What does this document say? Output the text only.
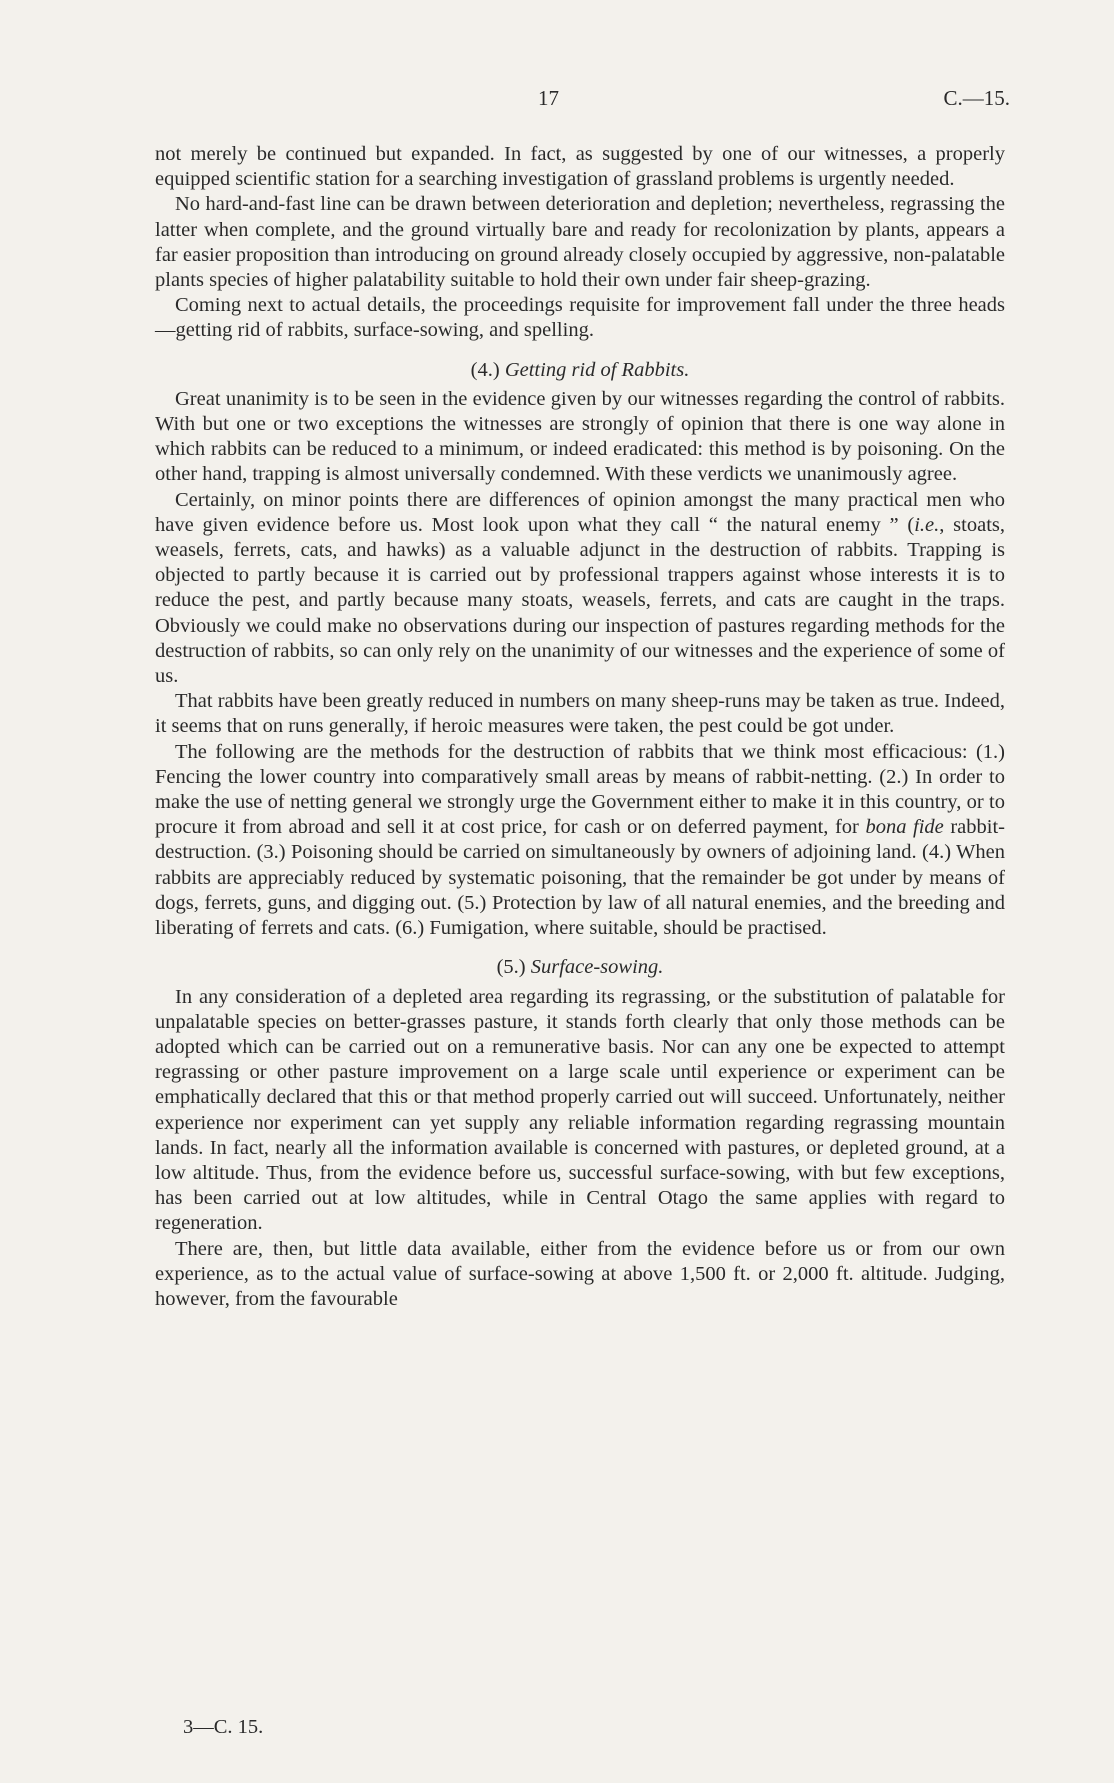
17	C.—15.

not merely be continued but expanded. In fact, as suggested by one of our witnesses, a properly equipped scientific station for a searching investigation of grassland problems is urgently needed.

No hard-and-fast line can be drawn between deterioration and depletion; nevertheless, regrassing the latter when complete, and the ground virtually bare and ready for recolonization by plants, appears a far easier proposition than introducing on ground already closely occupied by aggressive, non-palatable plants species of higher palatability suitable to hold their own under fair sheep-grazing.

Coming next to actual details, the proceedings requisite for improvement fall under the three heads—getting rid of rabbits, surface-sowing, and spelling.

(4.) Getting rid of Rabbits.

Great unanimity is to be seen in the evidence given by our witnesses regarding the control of rabbits. With but one or two exceptions the witnesses are strongly of opinion that there is one way alone in which rabbits can be reduced to a minimum, or indeed eradicated: this method is by poisoning. On the other hand, trapping is almost universally condemned. With these verdicts we unanimously agree.

Certainly, on minor points there are differences of opinion amongst the many practical men who have given evidence before us. Most look upon what they call “ the natural enemy ” (i.e., stoats, weasels, ferrets, cats, and hawks) as a valuable adjunct in the destruction of rabbits. Trapping is objected to partly because it is carried out by professional trappers against whose interests it is to reduce the pest, and partly because many stoats, weasels, ferrets, and cats are caught in the traps. Obviously we could make no observations during our inspection of pastures regarding methods for the destruction of rabbits, so can only rely on the unanimity of our witnesses and the experience of some of us.

That rabbits have been greatly reduced in numbers on many sheep-runs may be taken as true. Indeed, it seems that on runs generally, if heroic measures were taken, the pest could be got under.

The following are the methods for the destruction of rabbits that we think most efficacious: (1.) Fencing the lower country into comparatively small areas by means of rabbit-netting. (2.) In order to make the use of netting general we strongly urge the Government either to make it in this country, or to procure it from abroad and sell it at cost price, for cash or on deferred payment, for bona fide rabbit-destruction. (3.) Poisoning should be carried on simultaneously by owners of adjoining land. (4.) When rabbits are appreciably reduced by systematic poisoning, that the remainder be got under by means of dogs, ferrets, guns, and digging out. (5.) Protection by law of all natural enemies, and the breeding and liberating of ferrets and cats. (6.) Fumigation, where suitable, should be practised.

(5.) Surface-sowing.

In any consideration of a depleted area regarding its regrassing, or the substitution of palatable for unpalatable species on better-grasses pasture, it stands forth clearly that only those methods can be adopted which can be carried out on a remunerative basis. Nor can any one be expected to attempt regrassing or other pasture improvement on a large scale until experience or experiment can be emphatically declared that this or that method properly carried out will succeed. Unfortunately, neither experience nor experiment can yet supply any reliable information regarding regrassing mountain lands. In fact, nearly all the information available is concerned with pastures, or depleted ground, at a low altitude. Thus, from the evidence before us, successful surface-sowing, with but few exceptions, has been carried out at low altitudes, while in Central Otago the same applies with regard to regeneration.

There are, then, but little data available, either from the evidence before us or from our own experience, as to the actual value of surface-sowing at above 1,500 ft. or 2,000 ft. altitude. Judging, however, from the favourable

3—C. 15.
